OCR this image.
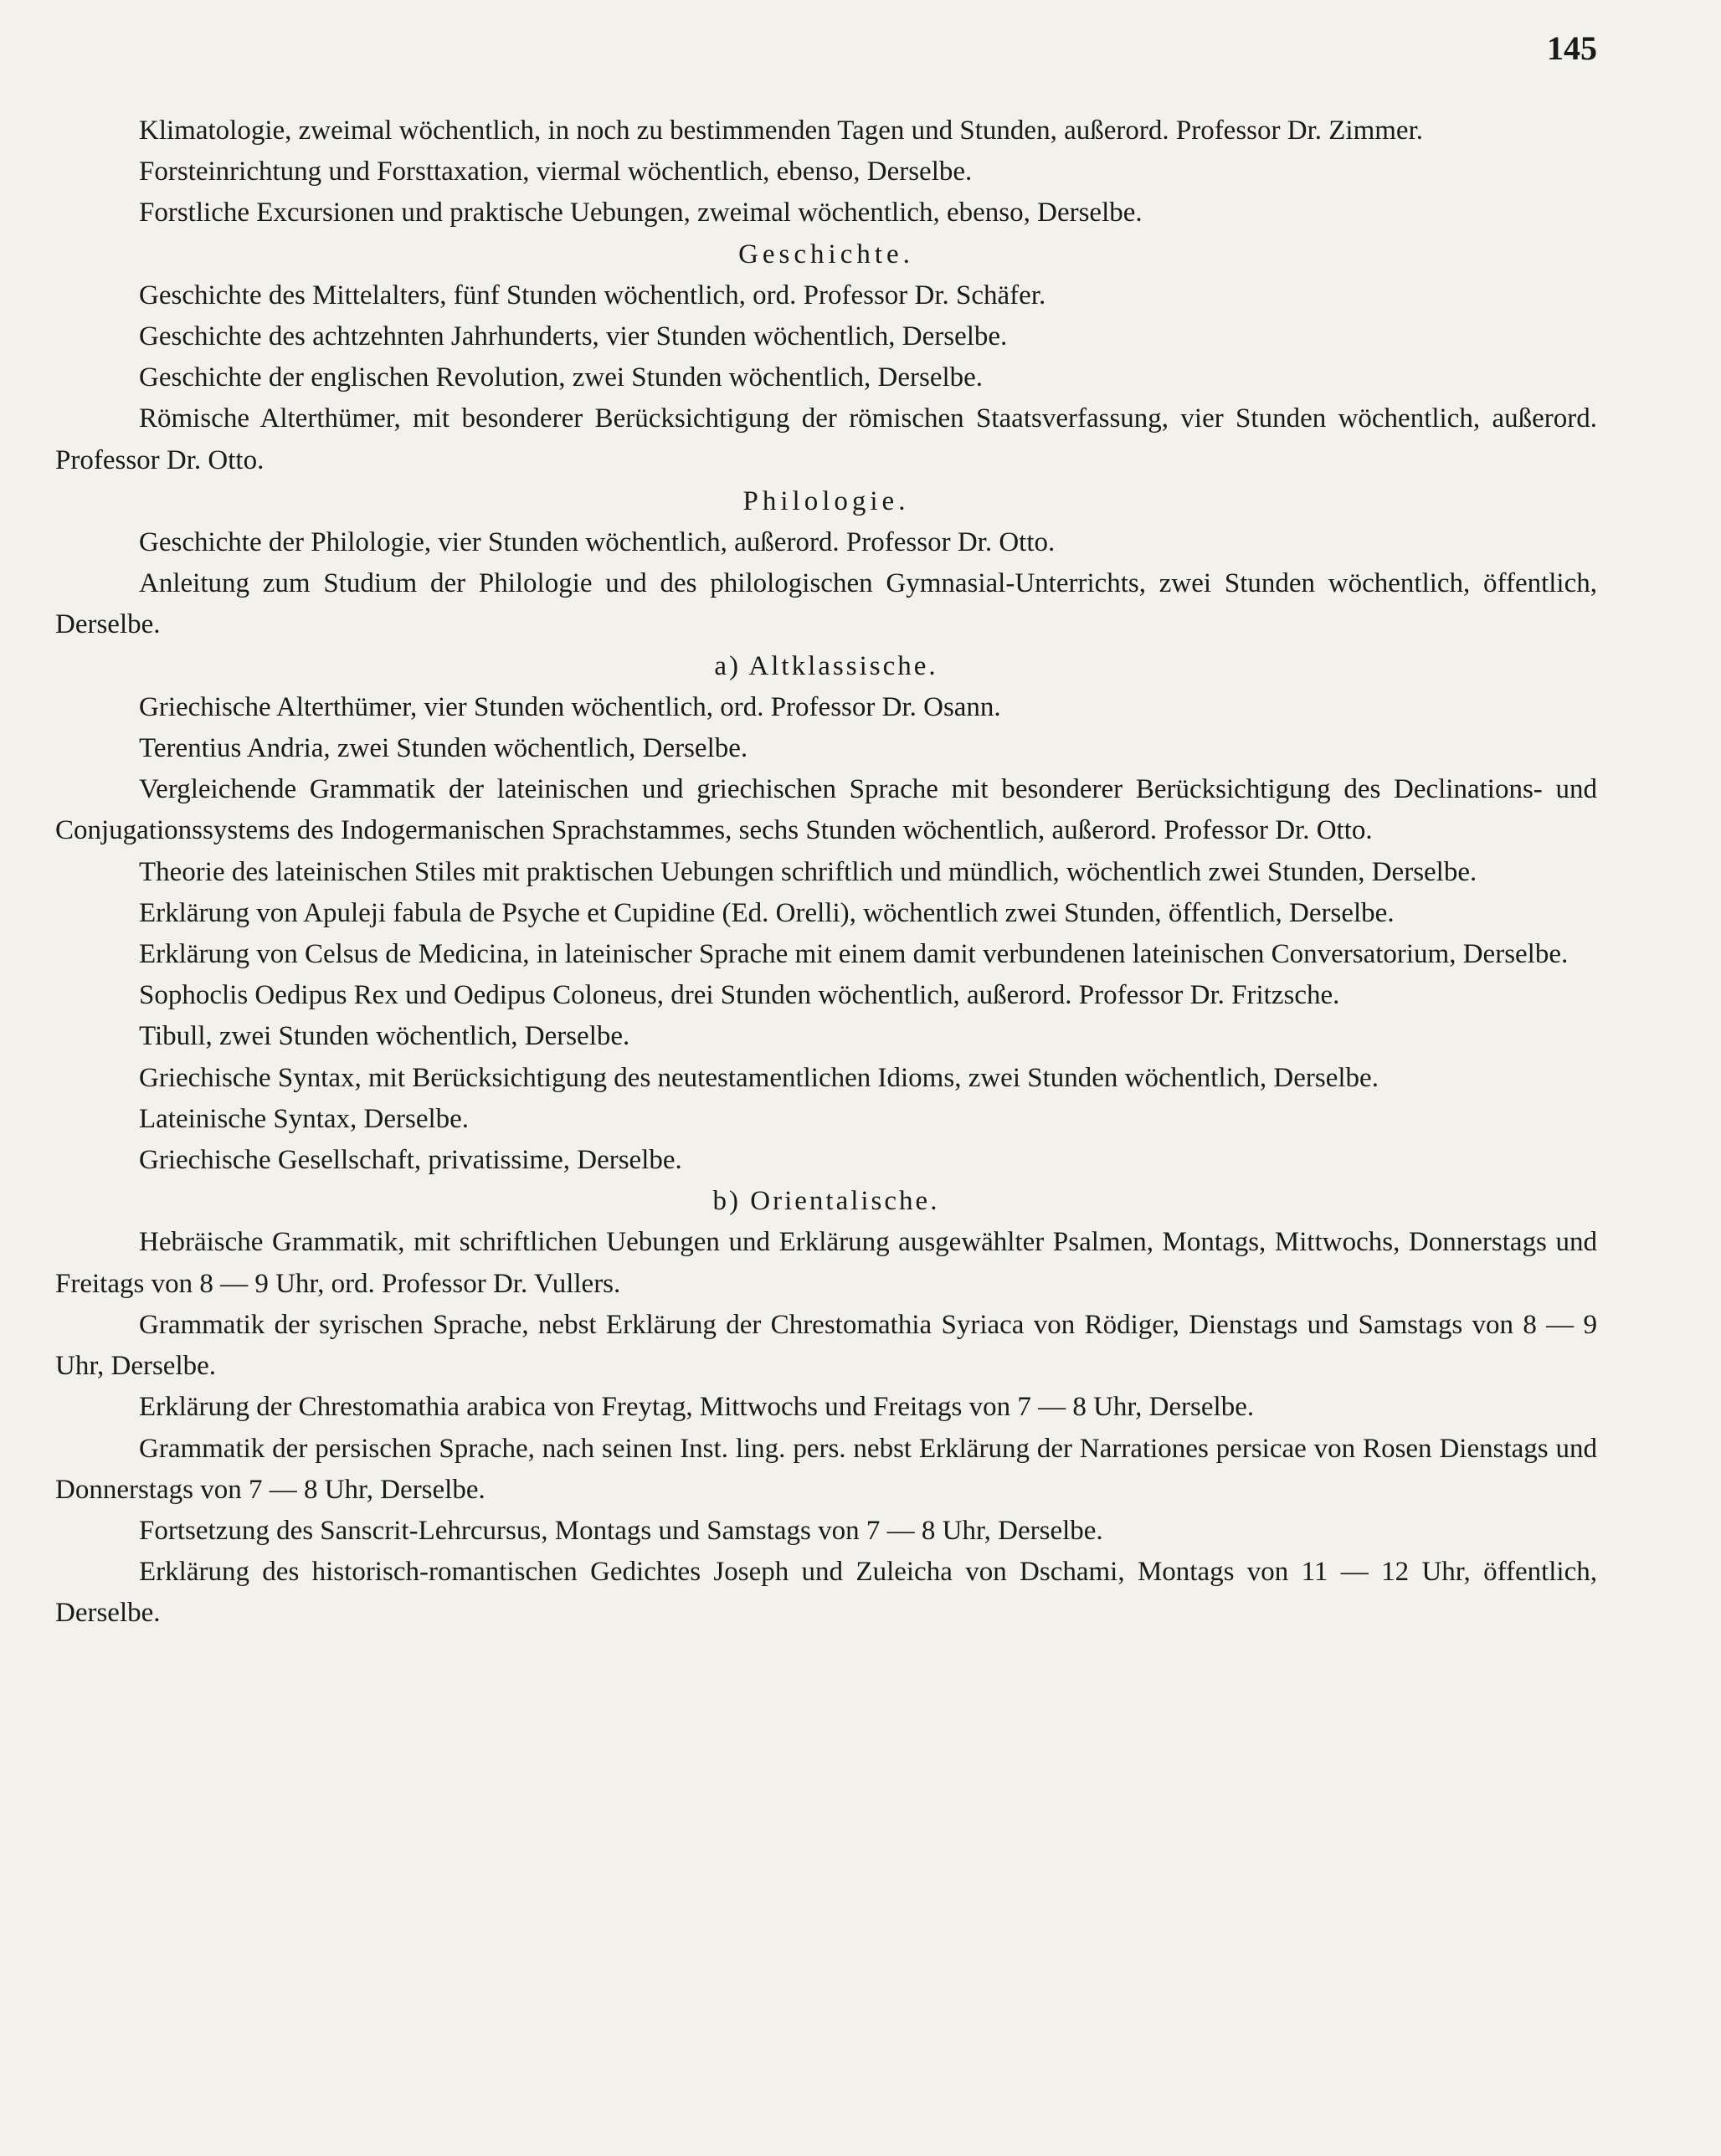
145

Klimatologie, zweimal wöchentlich, in noch zu bestimmenden Tagen und Stunden, außerord. Professor Dr. Zimmer.

Forsteinrichtung und Forsttaxation, viermal wöchentlich, ebenso, Derselbe.

Forstliche Excursionen und praktische Uebungen, zweimal wöchentlich, ebenso, Derselbe.

Geschichte.

Geschichte des Mittelalters, fünf Stunden wöchentlich, ord. Professor Dr. Schäfer.

Geschichte des achtzehnten Jahrhunderts, vier Stunden wöchentlich, Derselbe.

Geschichte der englischen Revolution, zwei Stunden wöchentlich, Derselbe.

Römische Alterthümer, mit besonderer Berücksichtigung der römischen Staatsverfassung, vier Stunden wöchentlich, außerord. Professor Dr. Otto.

Philologie.

Geschichte der Philologie, vier Stunden wöchentlich, außerord. Professor Dr. Otto.

Anleitung zum Studium der Philologie und des philologischen Gymnasial-Unterrichts, zwei Stunden wöchentlich, öffentlich, Derselbe.

a) Altklassische.

Griechische Alterthümer, vier Stunden wöchentlich, ord. Professor Dr. Osann.

Terentius Andria, zwei Stunden wöchentlich, Derselbe.

Vergleichende Grammatik der lateinischen und griechischen Sprache mit besonderer Berücksichtigung des Declinations- und Conjugationssystems des Indogermanischen Sprachstammes, sechs Stunden wöchentlich, außerord. Professor Dr. Otto.

Theorie des lateinischen Stiles mit praktischen Uebungen schriftlich und mündlich, wöchentlich zwei Stunden, Derselbe.

Erklärung von Apuleji fabula de Psyche et Cupidine (Ed. Orelli), wöchentlich zwei Stunden, öffentlich, Derselbe.

Erklärung von Celsus de Medicina, in lateinischer Sprache mit einem damit verbundenen lateinischen Conversatorium, Derselbe.

Sophoclis Oedipus Rex und Oedipus Coloneus, drei Stunden wöchentlich, außerord. Professor Dr. Fritzsche.

Tibull, zwei Stunden wöchentlich, Derselbe.

Griechische Syntax, mit Berücksichtigung des neutestamentlichen Idioms, zwei Stunden wöchentlich, Derselbe.

Lateinische Syntax, Derselbe.

Griechische Gesellschaft, privatissime, Derselbe.

b) Orientalische.

Hebräische Grammatik, mit schriftlichen Uebungen und Erklärung ausgewählter Psalmen, Montags, Mittwochs, Donnerstags und Freitags von 8 — 9 Uhr, ord. Professor Dr. Vullers.

Grammatik der syrischen Sprache, nebst Erklärung der Chrestomathia Syriaca von Rödiger, Dienstags und Samstags von 8 — 9 Uhr, Derselbe.

Erklärung der Chrestomathia arabica von Freytag, Mittwochs und Freitags von 7 — 8 Uhr, Derselbe.

Grammatik der persischen Sprache, nach seinen Inst. ling. pers. nebst Erklärung der Narrationes persicae von Rosen Dienstags und Donnerstags von 7 — 8 Uhr, Derselbe.

Fortsetzung des Sanscrit-Lehrcursus, Montags und Samstags von 7 — 8 Uhr, Derselbe.

Erklärung des historisch-romantischen Gedichtes Joseph und Zuleicha von Dschami, Montags von 11 — 12 Uhr, öffentlich, Derselbe.
